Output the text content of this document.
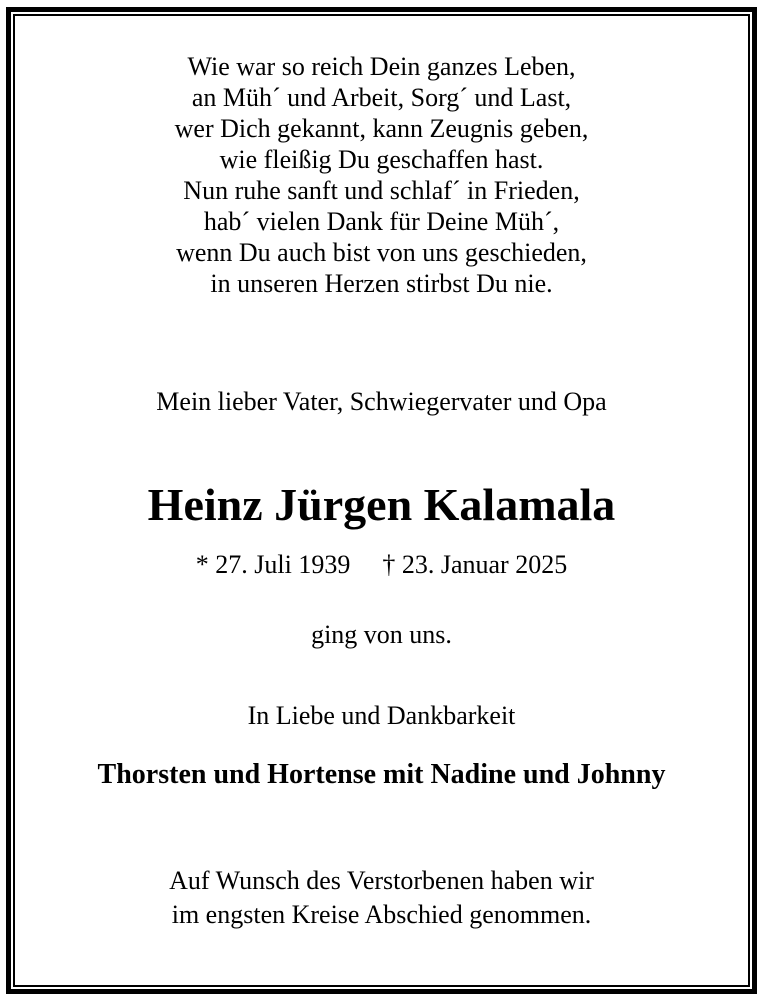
Wie war so reich Dein ganzes Leben,
an Müh´ und Arbeit, Sorg´ und Last,
wer Dich gekannt, kann Zeugnis geben,
wie fleißig Du geschaffen hast.
Nun ruhe sanft und schlaf´ in Frieden,
hab´ vielen Dank für Deine Müh´,
wenn Du auch bist von uns geschieden,
in unseren Herzen stirbst Du nie.
Mein lieber Vater, Schwiegervater und Opa
Heinz Jürgen Kalamala
* 27. Juli 1939 † 23. Januar 2025
ging von uns.
In Liebe und Dankbarkeit
Thorsten und Hortense mit Nadine und Johnny
Auf Wunsch des Verstorbenen haben wir
im engsten Kreise Abschied genommen.
